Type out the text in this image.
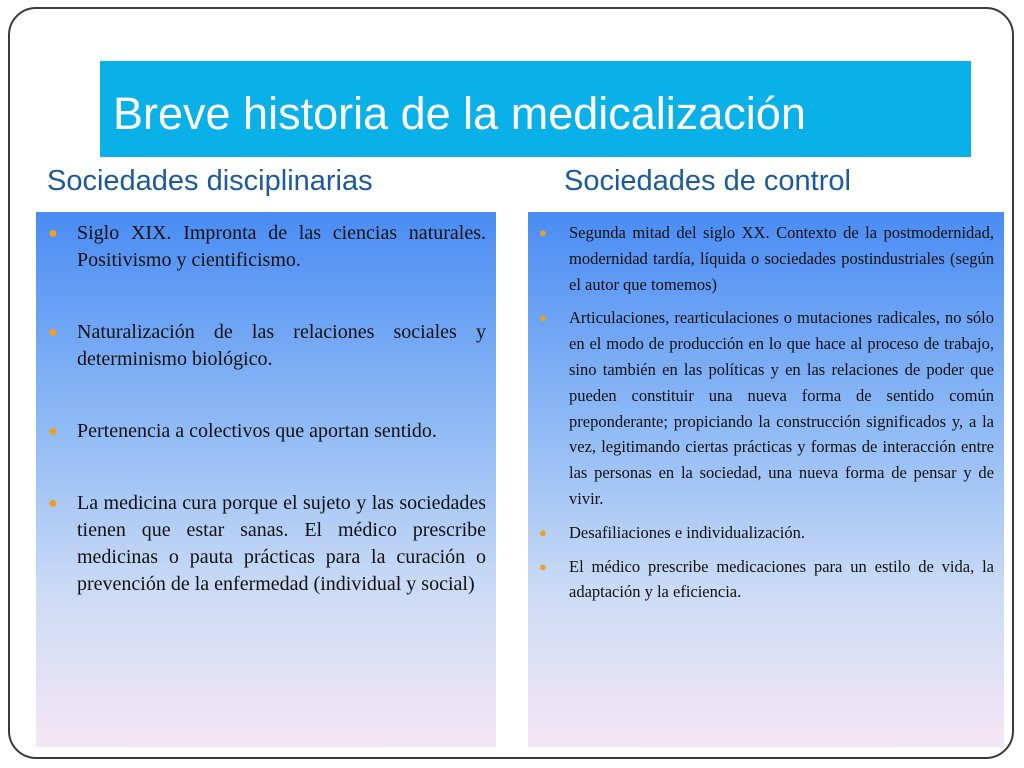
Breve historia de la medicalización
Sociedades disciplinarias	Sociedades de control
● Siglo XIX. Impronta de las ciencias naturales. Positivismo y cientificismo.
● Naturalización de las relaciones sociales y determinismo biológico.
● Pertenencia a colectivos que aportan sentido.
● La medicina cura porque el sujeto y las sociedades tienen que estar sanas. El médico prescribe medicinas o pauta prácticas para la curación o prevención de la enfermedad (individual y social)
● Segunda mitad del siglo XX. Contexto de la postmodernidad, modernidad tardía, líquida o sociedades postindustriales (según el autor que tomemos)
● Articulaciones, rearticulaciones o mutaciones radicales, no sólo en el modo de producción en lo que hace al proceso de trabajo, sino también en las políticas y en las relaciones de poder que pueden constituir una nueva forma de sentido común preponderante; propiciando la construcción significados y, a la vez, legitimando ciertas prácticas y formas de interacción entre las personas en la sociedad, una nueva forma de pensar y de vivir.
● Desafiliaciones e individualización.
● El médico prescribe medicaciones para un estilo de vida, la adaptación y la eficiencia.
